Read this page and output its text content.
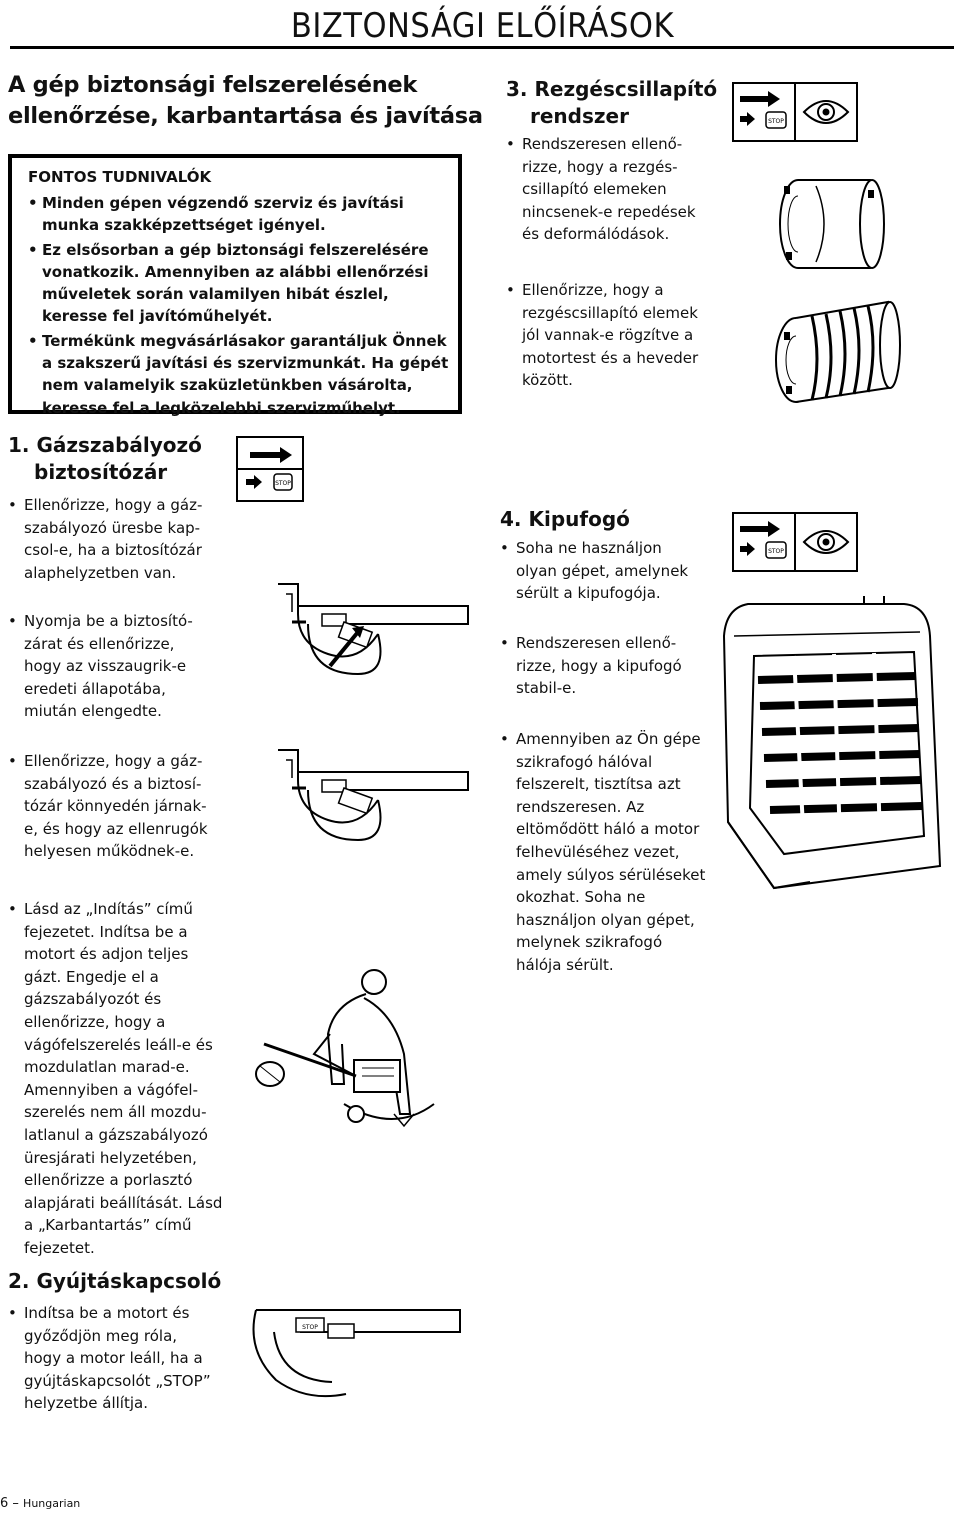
BIZTONSÁGI ELŐÍRÁSOK
A gép biztonsági felszerelésének
ellenőrzése, karbantartása és javítása
FONTOS TUDNIVALÓK
• Minden gépen végzendő szerviz és javítási munka szakképzettséget igényel.
• Ez elsősorban a gép biztonsági felszerelésére vonatkozik. Amennyiben az alábbi ellenőrzési műveletek során valamilyen hibát észlel, keresse fel javítóműhelyét.
• Termékünk megvásárlásakor garantáljuk Önnek a szakszerű javítási és szervizmunkát. Ha gépét nem valamelyik szaküzletünkben vásárolta, keresse fel a legközelebbi szervizműhelyt.
1. Gázszabályozó
biztosítózár
• Ellenőrizze, hogy a gáz-
szabályozó üresbe kap-
csol-e, ha a biztosítózár
alaphelyzetben van.
• Nyomja be a biztosító-
zárat és ellenőrizze,
hogy az visszaugrik-e
eredeti állapotába,
miután elengedte.
• Ellenőrizze, hogy a gáz-
szabályozó és a biztosí-
tózár könnyedén járnak-
e, és hogy az ellenrugók
helyesen működnek-e.
• Lásd az „Indítás” című
fejezetet. Indítsa be a
motort és adjon teljes
gázt. Engedje el a
gázszabályozót és
ellenőrizze, hogy a
vágófelszerelés leáll-e és
mozdulatlan marad-e.
Amennyiben a vágófel-
szerelés nem áll mozdu-
latlanul a gázszabályozó
üresjárati helyzetében,
ellenőrizze a porlasztó
alapjárati beállítását. Lásd
a „Karbantartás” című
fejezetet.
STOP
2. Gyújtáskapcsoló
• Indítsa be a motort és
győződjön meg róla,
hogy a motor leáll, ha a
gyújtáskapcsolót „STOP”
helyzetbe állítja.
STOP
3. Rezgéscsillapító
rendszer
• Rendszeresen ellenő-
rizze, hogy a rezgés-
csillapító elemeken
nincsenek-e repedések
és deformálódások.
• Ellenőrizze, hogy a
rezgéscsillapító elemek
jól vannak-e rögzítve a
motortest és a heveder
között.
STOP
4. Kipufogó
• Soha ne használjon
olyan gépet, amelynek
sérült a kipufogója.
• Rendszeresen ellenő-
rizze, hogy a kipufogó
stabil-e.
• Amennyiben az Ön gépe
szikrafogó hálóval
felszerelt, tisztítsa azt
rendszeresen. Az
eltömődött háló a motor
felhevüléséhez vezet,
amely súlyos sérüléseket
okozhat. Soha ne
használjon olyan gépet,
melynek szikrafogó
hálója sérült.
STOP
6 – Hungarian
